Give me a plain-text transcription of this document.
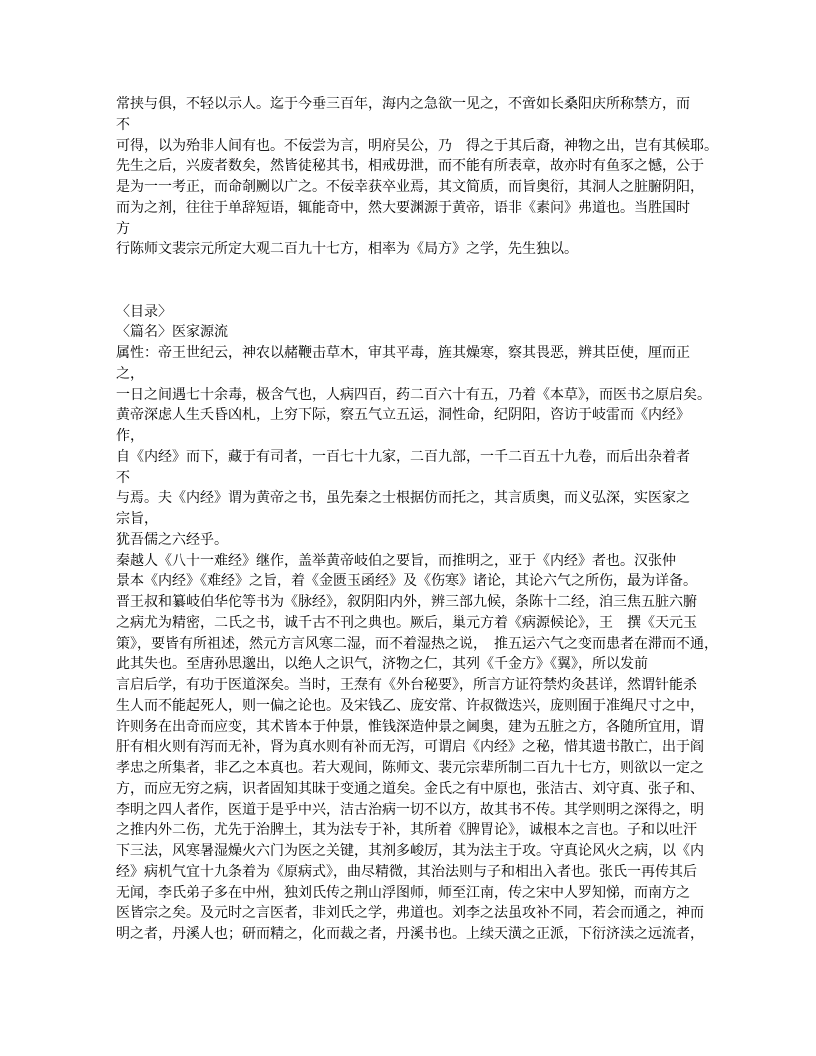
常挟与俱，不轻以示人。迄于今垂三百年，海内之急欲一见之，不啻如长桑阳庆所称禁方，而
不
可得，以为殆非人间有也。不佞尝为言，明府吴公，乃　得之于其后裔，神物之出，岂有其候耶。
先生之后，兴废者数矣，然皆徒秘其书，相戒毋泄，而不能有所表章，故亦时有鱼豕之憾，公于
是为一一考正，而命剞劂以广之。不佞幸获卒业焉，其文简质，而旨奥衍，其洞人之脏腑阴阳，
而为之剂，往往于单辞短语，辄能奇中，然大要渊源于黄帝，语非《素问》弗道也。当胜国时
方
行陈师文裴宗元所定大观二百九十七方，相率为《局方》之学，先生独以。

〈目录〉
〈篇名〉医家源流
属性：帝王世纪云，神农以赭鞭击草木，审其平毒，旌其燥寒，察其畏恶，辨其臣使，厘而正
之，
一日之间遇七十余毒，极含气也，人病四百，药二百六十有五，乃着《本草》，而医书之原启矣。
黄帝深虑人生夭昏凶札，上穷下际，察五气立五运，洞性命，纪阴阳，咨访于岐雷而《内经》
作，
自《内经》而下，藏于有司者，一百七十九家，二百九部，一千二百五十九卷，而后出杂着者
不
与焉。夫《内经》谓为黄帝之书，虽先秦之士根据仿而托之，其言质奥，而义弘深，实医家之
宗旨，
犹吾儒之六经乎。
秦越人《八十一难经》继作，盖举黄帝岐伯之要旨，而推明之，亚于《内经》者也。汉张仲
景本《内经》《难经》之旨，着《金匮玉函经》及《伤寒》诸论，其论六气之所伤，最为详备。
晋王叔和纂岐伯华佗等书为《脉经》，叙阴阳内外，辨三部九候，条陈十二经，洎三焦五脏六腑
之病尤为精密，二氏之书，诚千古不刊之典也。厥后，巢元方着《病源候论》，王　撰《天元玉
策》，要皆有所祖述，然元方言风寒二湿，而不着湿热之说，　推五运六气之变而患者在滞而不通，
此其失也。至唐孙思邈出，以绝人之识气，济物之仁，其列《千金方》《翼》，所以发前
言启后学，有功于医道深矣。当时，王焘有《外台秘要》，所言方证符禁灼灸甚详，然谓针能杀
生人而不能起死人，则一偏之论也。及宋钱乙、庞安常、许叔微迭兴，庞则囿于准绳尺寸之中，
许则务在出奇而应变，其术皆本于仲景，惟钱深造仲景之阃奥，建为五脏之方，各随所宜用，谓
肝有相火则有泻而无补，肾为真水则有补而无泻，可谓启《内经》之秘，惜其遗书散亡，出于阎
孝忠之所集者，非乙之本真也。若大观间，陈师文、裴元宗辈所制二百九十七方，则欲以一定之
方，而应无穷之病，识者固知其昧于变通之道矣。金氏之有中原也，张洁古、刘守真、张子和、
李明之四人者作，医道于是乎中兴，洁古治病一切不以方，故其书不传。其学则明之深得之，明
之推内外二伤，尤先于治脾土，其为法专于补，其所着《脾胃论》，诚根本之言也。子和以吐汗
下三法，风寒暑湿燥火六门为医之关键，其剂多峻厉，其为法主于攻。守真论风火之病，以《内
经》病机气宜十九条着为《原病式》，曲尽精微，其治法则与子和相出入者也。张氏一再传其后
无闻，李氏弟子多在中州，独刘氏传之荆山浮图师，师至江南，传之宋中人罗知悌，而南方之
医皆宗之矣。及元时之言医者，非刘氏之学，弗道也。刘李之法虽攻补不同，若会而通之，神而
明之者，丹溪人也；研而精之，化而裁之者，丹溪书也。上续天潢之正派，下衍济渎之远流者，
